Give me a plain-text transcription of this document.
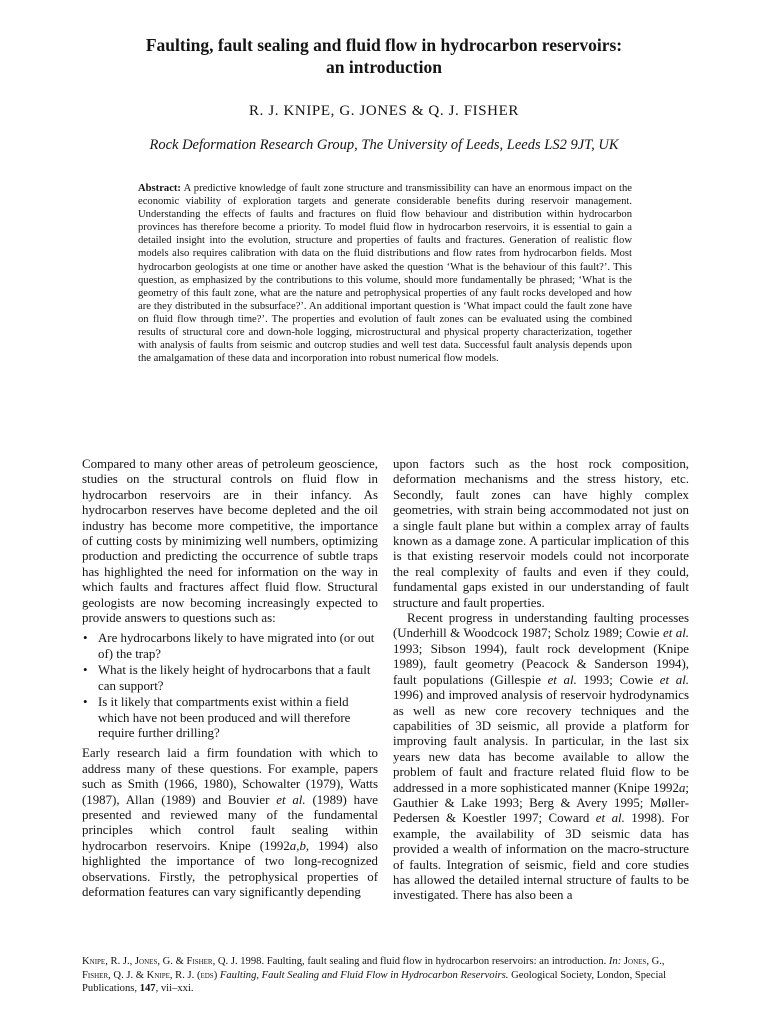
Faulting, fault sealing and fluid flow in hydrocarbon reservoirs:
an introduction
R. J. KNIPE, G. JONES & Q. J. FISHER
Rock Deformation Research Group, The University of Leeds, Leeds LS2 9JT, UK
Abstract: A predictive knowledge of fault zone structure and transmissibility can have an enormous impact on the economic viability of exploration targets and generate considerable benefits during reservoir management. Understanding the effects of faults and fractures on fluid flow behaviour and distribution within hydrocarbon provinces has therefore become a priority. To model fluid flow in hydrocarbon reservoirs, it is essential to gain a detailed insight into the evolution, structure and properties of faults and fractures. Generation of realistic flow models also requires calibration with data on the fluid distributions and flow rates from hydrocarbon fields. Most hydrocarbon geologists at one time or another have asked the question ‘What is the behaviour of this fault?’. This question, as emphasized by the contributions to this volume, should more fundamentally be phrased; ‘What is the geometry of this fault zone, what are the nature and petrophysical properties of any fault rocks developed and how are they distributed in the subsurface?’. An additional important question is ‘What impact could the fault zone have on fluid flow through time?’. The properties and evolution of fault zones can be evaluated using the combined results of structural core and down-hole logging, microstructural and physical property characterization, together with analysis of faults from seismic and outcrop studies and well test data. Successful fault analysis depends upon the amalgamation of these data and incorporation into robust numerical flow models.

Compared to many other areas of petroleum geoscience, studies on the structural controls on fluid flow in hydrocarbon reservoirs are in their infancy. As hydrocarbon reserves have become depleted and the oil industry has become more competitive, the importance of cutting costs by minimizing well numbers, optimizing production and predicting the occurrence of subtle traps has highlighted the need for information on the way in which faults and fractures affect fluid flow. Structural geologists are now becoming increasingly expected to provide answers to questions such as:

• Are hydrocarbons likely to have migrated into (or out of) the trap?
• What is the likely height of hydrocarbons that a fault can support?
• Is it likely that compartments exist within a field which have not been produced and will therefore require further drilling?

Early research laid a firm foundation with which to address many of these questions. For example, papers such as Smith (1966, 1980), Schowalter (1979), Watts (1987), Allan (1989) and Bouvier et al. (1989) have presented and reviewed many of the fundamental principles which control fault sealing within hydrocarbon reservoirs. Knipe (1992a,b, 1994) also highlighted the importance of two long-recognized observations. Firstly, the petrophysical properties of deformation features can vary significantly depending

upon factors such as the host rock composition, deformation mechanisms and the stress history, etc. Secondly, fault zones can have highly complex geometries, with strain being accommodated not just on a single fault plane but within a complex array of faults known as a damage zone. A particular implication of this is that existing reservoir models could not incorporate the real complexity of faults and even if they could, fundamental gaps existed in our understanding of fault structure and fault properties.

Recent progress in understanding faulting processes (Underhill & Woodcock 1987; Scholz 1989; Cowie et al. 1993; Sibson 1994), fault rock development (Knipe 1989), fault geometry (Peacock & Sanderson 1994), fault populations (Gillespie et al. 1993; Cowie et al. 1996) and improved analysis of reservoir hydrodynamics as well as new core recovery techniques and the capabilities of 3D seismic, all provide a platform for improving fault analysis. In particular, in the last six years new data has become available to allow the problem of fault and fracture related fluid flow to be addressed in a more sophisticated manner (Knipe 1992a; Gauthier & Lake 1993; Berg & Avery 1995; Møller-Pedersen & Koestler 1997; Coward et al. 1998). For example, the availability of 3D seismic data has provided a wealth of information on the macro-structure of faults. Integration of seismic, field and core studies has allowed the detailed internal structure of faults to be investigated. There has also been a

Knipe, R. J., Jones, G. & Fisher, Q. J. 1998. Faulting, fault sealing and fluid flow in hydrocarbon reservoirs: an introduction. In: Jones, G., Fisher, Q. J. & Knipe, R. J. (eds) Faulting, Fault Sealing and Fluid Flow in Hydrocarbon Reservoirs. Geological Society, London, Special Publications, 147, vii–xxi.
